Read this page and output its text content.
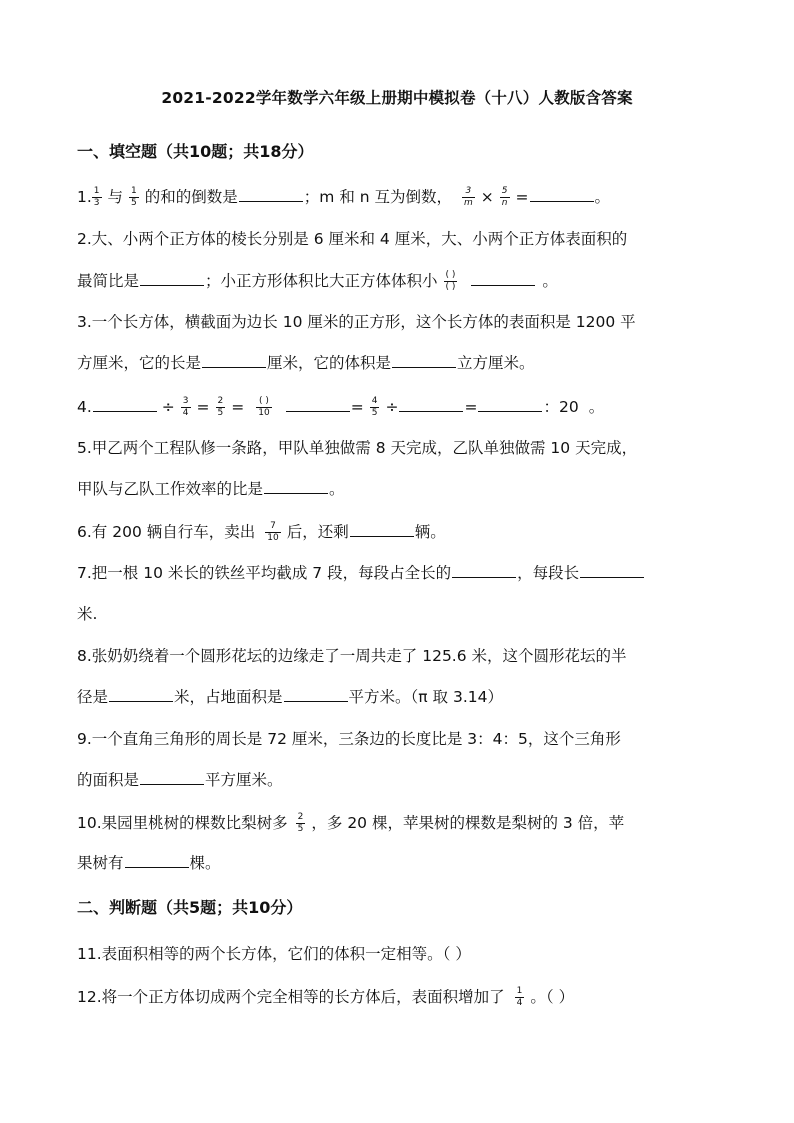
2021-2022学年数学六年级上册期中模拟卷（十八）人教版含答案
一、填空题（共10题；共18分）
1. $\frac{1}{3}$ 与 $\frac{1}{5}$ 的和的倒数是	；m 和 n 互为倒数， $\frac{3}{m} \times \frac{5}{n}$ =	。
2.大、小两个正方体的棱长分别是 6 厘米和 4 厘米，大、小两个正方体表面积的
最简比是	；小正方形体积比大正方体体积小 $\frac{( )}{( )}$	。
3.一个长方体，横截面为边长 10 厘米的正方形，这个长方体的表面积是 1200 平
方厘米，它的长是	厘米，它的体积是	立方厘米。
4.	÷ $\frac{3}{4} = \frac{2}{5} = \frac{( )}{10}$	= $\frac{4}{5}$ ÷	=	：20 。
5.甲乙两个工程队修一条路，甲队单独做需 8 天完成，乙队单独做需 10 天完成，
甲队与乙队工作效率的比是	。
6.有 200 辆自行车，卖出 $\frac{7}{10}$ 后，还剩	辆。
7.把一根 10 米长的铁丝平均截成 7 段，每段占全长的	，每段长
米.
8.张奶奶绕着一个圆形花坛的边缘走了一周共走了 125.6 米，这个圆形花坛的半
径是	米，占地面积是	平方米。（π 取 3.14）
9.一个直角三角形的周长是 72 厘米，三条边的长度比是 3：4：5，这个三角形
的面积是	平方厘米。
10.果园里桃树的棵数比梨树多 $\frac{2}{5}$ ，多 20 棵，苹果树的棵数是梨树的 3 倍，苹
果树有	棵。
二、判断题（共5题；共10分）
11.表面积相等的两个长方体，它们的体积一定相等。（ ）
12.将一个正方体切成两个完全相等的长方体后，表面积增加了 $\frac{1}{4}$ 。（ ）
